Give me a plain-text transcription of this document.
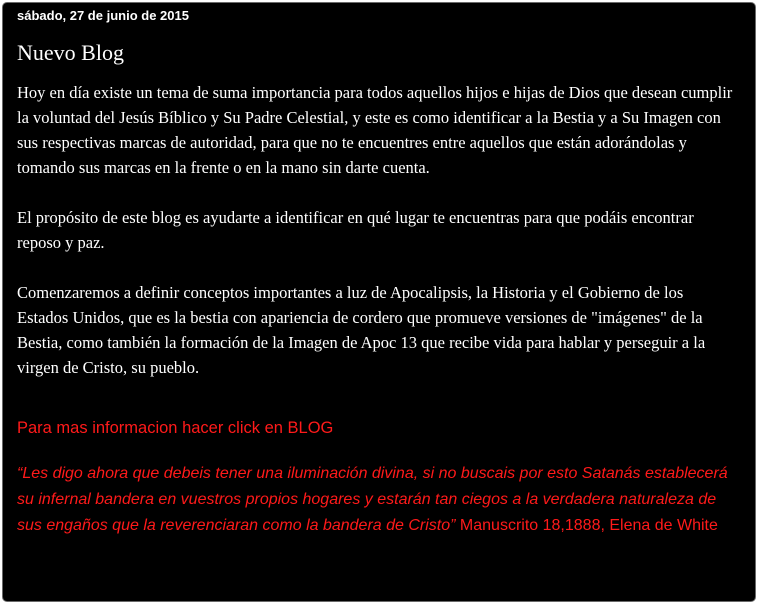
sábado, 27 de junio de 2015
Nuevo Blog

Hoy en día existe un tema de suma importancia para todos aquellos hijos e hijas de Dios que desean cumplir la voluntad del Jesús Bíblico y Su Padre Celestial, y este es como identificar a la Bestia y a Su Imagen con sus respectivas marcas de autoridad, para que no te encuentres entre aquellos que están adorándolas y tomando sus marcas en la frente o en la mano sin darte cuenta.

El propósito de este blog es ayudarte a identificar en qué lugar te encuentras para que podáis encontrar reposo y paz.

Comenzaremos a definir conceptos importantes a luz de Apocalipsis, la Historia y el Gobierno de los Estados Unidos, que es la bestia con apariencia de cordero que promueve versiones de "imágenes" de la Bestia, como también la formación de la Imagen de Apoc 13 que recibe vida para hablar y perseguir a la virgen de Cristo, su pueblo.

Para mas informacion hacer click en BLOG
“Les digo ahora que debeis tener una iluminación divina, si no buscais por esto Satanás establecerá su infernal bandera en vuestros propios hogares y estarán tan ciegos a la verdadera naturaleza de sus engaños que la reverenciaran como la bandera de Cristo” Manuscrito 18,1888, Elena de White
